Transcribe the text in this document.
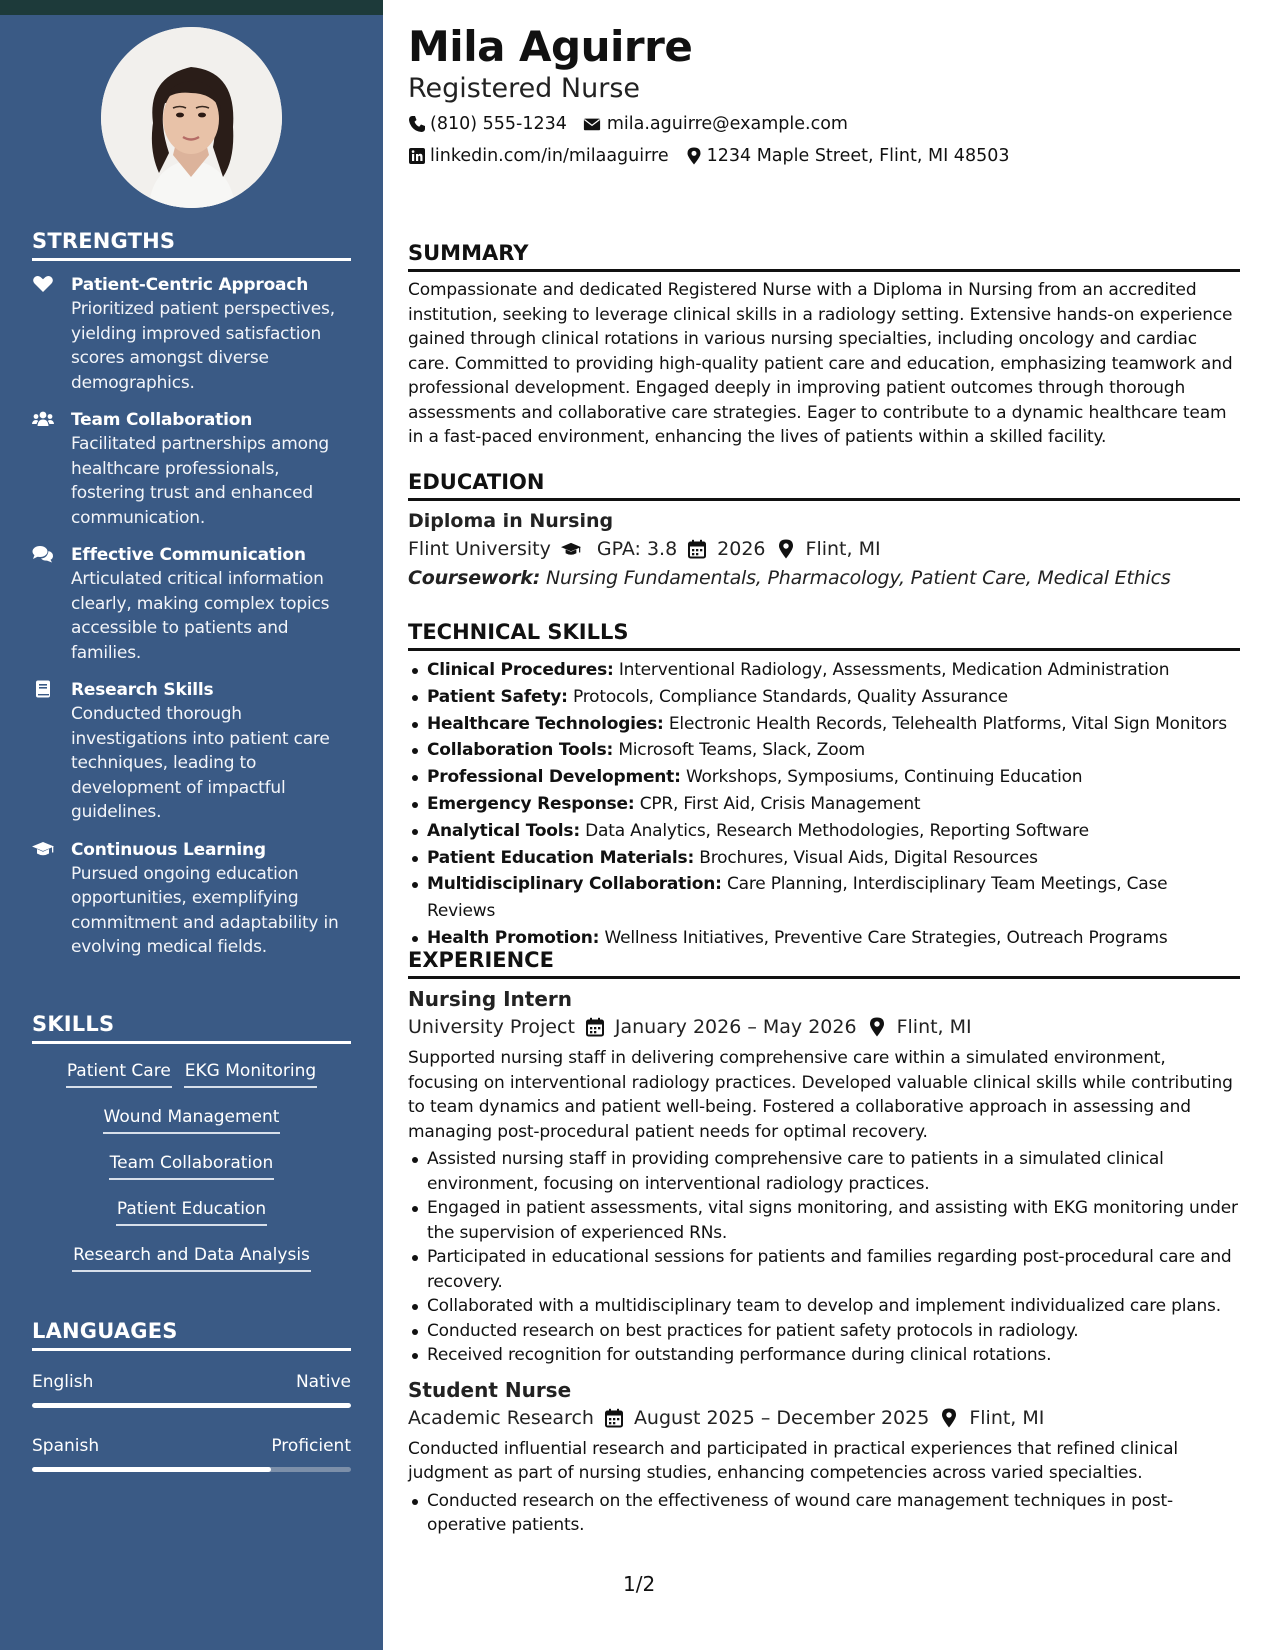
STRENGTHS
Patient-Centric Approach
Prioritized patient perspectives, yielding improved satisfaction scores amongst diverse demographics.
Team Collaboration
Facilitated partnerships among healthcare professionals, fostering trust and enhanced communication.
Effective Communication
Articulated critical information clearly, making complex topics accessible to patients and families.
Research Skills
Conducted thorough investigations into patient care techniques, leading to development of impactful guidelines.
Continuous Learning
Pursued ongoing education opportunities, exemplifying commitment and adaptability in evolving medical fields.
SKILLS
Patient Care EKG Monitoring
Wound Management
Team Collaboration
Patient Education
Research and Data Analysis
LANGUAGES
English	Native
Spanish	Proficient
Mila Aguirre
Registered Nurse
(810) 555-1234 mila.aguirre@example.com
linkedin.com/in/milaaguirre 1234 Maple Street, Flint, MI 48503
SUMMARY
Compassionate and dedicated Registered Nurse with a Diploma in Nursing from an accredited institution, seeking to leverage clinical skills in a radiology setting. Extensive hands-on experience gained through clinical rotations in various nursing specialties, including oncology and cardiac care. Committed to providing high-quality patient care and education, emphasizing teamwork and professional development. Engaged deeply in improving patient outcomes through thorough assessments and collaborative care strategies. Eager to contribute to a dynamic healthcare team in a fast-paced environment, enhancing the lives of patients within a skilled facility.
EDUCATION
Diploma in Nursing
Flint University GPA: 3.8 2026 Flint, MI
Coursework: Nursing Fundamentals, Pharmacology, Patient Care, Medical Ethics
TECHNICAL SKILLS
Clinical Procedures: Interventional Radiology, Assessments, Medication Administration
Patient Safety: Protocols, Compliance Standards, Quality Assurance
Healthcare Technologies: Electronic Health Records, Telehealth Platforms, Vital Sign Monitors
Collaboration Tools: Microsoft Teams, Slack, Zoom
Professional Development: Workshops, Symposiums, Continuing Education
Emergency Response: CPR, First Aid, Crisis Management
Analytical Tools: Data Analytics, Research Methodologies, Reporting Software
Patient Education Materials: Brochures, Visual Aids, Digital Resources
Multidisciplinary Collaboration: Care Planning, Interdisciplinary Team Meetings, Case Reviews
Health Promotion: Wellness Initiatives, Preventive Care Strategies, Outreach Programs
EXPERIENCE
Nursing Intern
University Project January 2026 – May 2026 Flint, MI
Supported nursing staff in delivering comprehensive care within a simulated environment, focusing on interventional radiology practices. Developed valuable clinical skills while contributing to team dynamics and patient well-being. Fostered a collaborative approach in assessing and managing post-procedural patient needs for optimal recovery.
Assisted nursing staff in providing comprehensive care to patients in a simulated clinical environment, focusing on interventional radiology practices.
Engaged in patient assessments, vital signs monitoring, and assisting with EKG monitoring under the supervision of experienced RNs.
Participated in educational sessions for patients and families regarding post-procedural care and recovery.
Collaborated with a multidisciplinary team to develop and implement individualized care plans.
Conducted research on best practices for patient safety protocols in radiology.
Received recognition for outstanding performance during clinical rotations.
Student Nurse
Academic Research August 2025 – December 2025 Flint, MI
Conducted influential research and participated in practical experiences that refined clinical judgment as part of nursing studies, enhancing competencies across varied specialties.
Conducted research on the effectiveness of wound care management techniques in post-operative patients.
1/2
